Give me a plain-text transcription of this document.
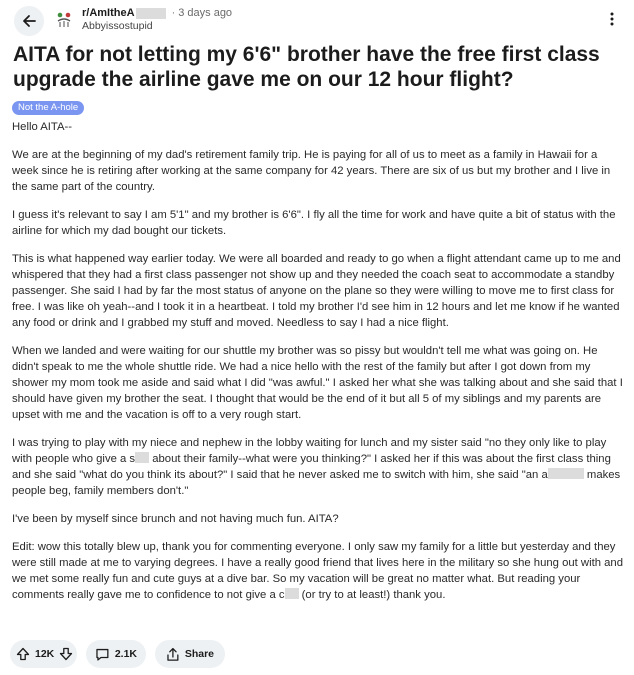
r/AmItheA	· 3 days ago
Abbyissostupid
AITA for not letting my 6'6" brother have the free first class upgrade the airline gave me on our 12 hour flight?
Not the A-hole

Hello AITA--

We are at the beginning of my dad's retirement family trip. He is paying for all of us to meet as a family in Hawaii for a week since he is retiring after working at the same company for 42 years. There are six of us but my brother and I live in the same part of the country.

I guess it's relevant to say I am 5'1" and my brother is 6'6". I fly all the time for work and have quite a bit of status with the airline for which my dad bought our tickets.

This is what happened way earlier today. We were all boarded and ready to go when a flight attendant came up to me and whispered that they had a first class passenger not show up and they needed the coach seat to accommodate a standby passenger. She said I had by far the most status of anyone on the plane so they were willing to move me to first class for free. I was like oh yeah--and I took it in a heartbeat. I told my brother I'd see him in 12 hours and let me know if he wanted any food or drink and I grabbed my stuff and moved. Needless to say I had a nice flight.

When we landed and were waiting for our shuttle my brother was so pissy but wouldn't tell me what was going on. He didn't speak to me the whole shuttle ride. We had a nice hello with the rest of the family but after I got down from my shower my mom took me aside and said what I did "was awful." I asked her what she was talking about and she said that I should have given my brother the seat. I thought that would be the end of it but all 5 of my siblings and my parents are upset with me and the vacation is off to a very rough start.

I was trying to play with my niece and nephew in the lobby waiting for lunch and my sister said "no they only like to play with people who give a s about their family--what were you thinking?" I asked her if this was about the first class thing and she said "what do you think its about?" I said that he never asked me to switch with him, she said "an a	makes people beg, family members don't."

I've been by myself since brunch and not having much fun. AITA?

Edit: wow this totally blew up, thank you for commenting everyone. I only saw my family for a little but yesterday and they were still made at me to varying degrees. I have a really good friend that lives here in the military so she hung out with and we met some really fun and cute guys at a dive bar. So my vacation will be great no matter what. But reading your comments really gave me to confidence to not give a c (or try to at least!) thank you.

12K	2.1K	Share
